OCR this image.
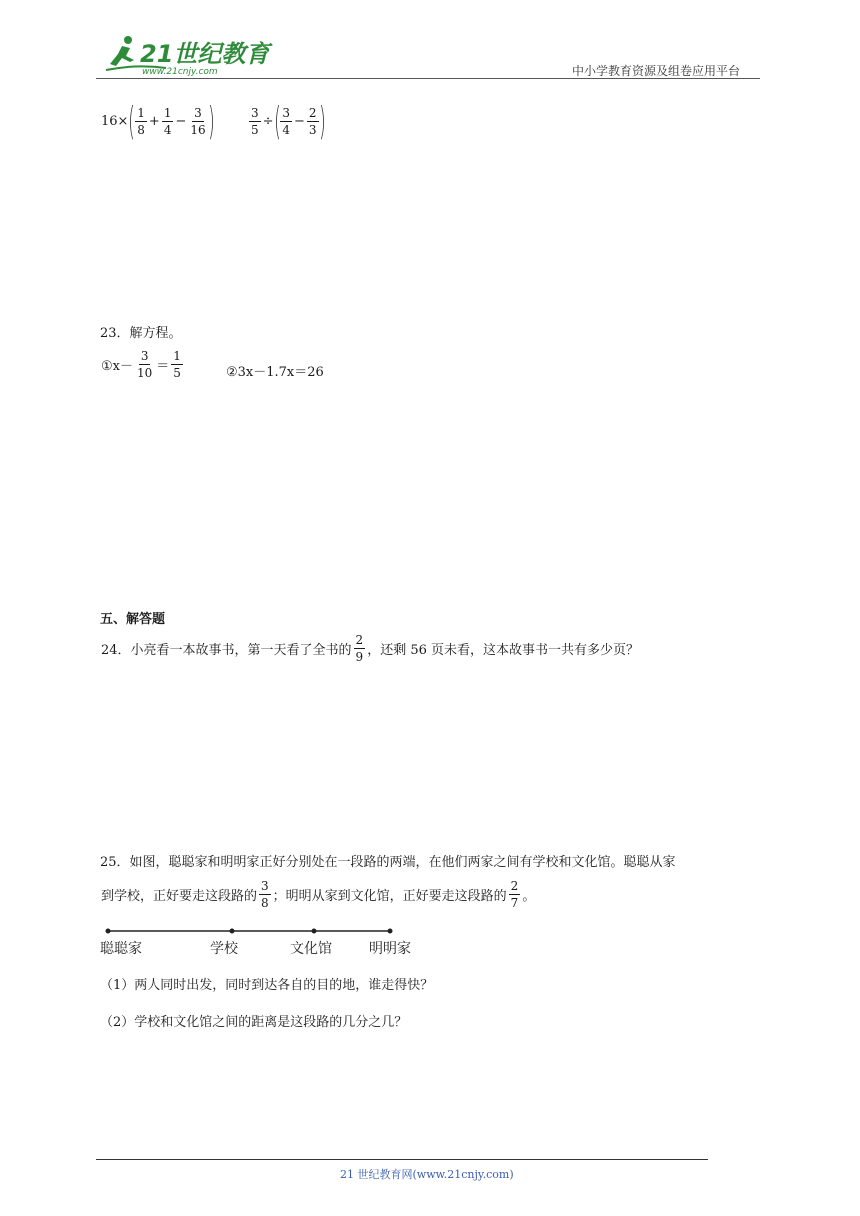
21世纪教育
www.21cnjy.com	中小学教育资源及组卷应用平台
$16\times( \frac{1}{8} + \frac{1}{4} - \frac{3}{16}$ )	$\frac{3}{5}$ ÷( $\frac{3}{4} - \frac{2}{3}$ )
23．解方程。
①x－ $\frac{3}{10} = \frac{1}{5}$	②3x－1.7x＝26
五、解答题
24．小亮看一本故事书，第一天看了全书的 $\frac{2}{9}$ ，还剩 56 页未看，这本故事书一共有多少页？
25．如图，聪聪家和明明家正好分别处在一段路的两端，在他们两家之间有学校和文化馆。聪聪从家
到学校，正好要走这段路的 $\frac{3}{8}$ ；明明从家到文化馆，正好要走这段路的 $\frac{2}{7}$ 。
聪聪家	学校	文化馆	明明家
（1）两人同时出发，同时到达各自的目的地，谁走得快？
（2）学校和文化馆之间的距离是这段路的几分之几？
21 世纪教育网(www.21cnjy.com)
